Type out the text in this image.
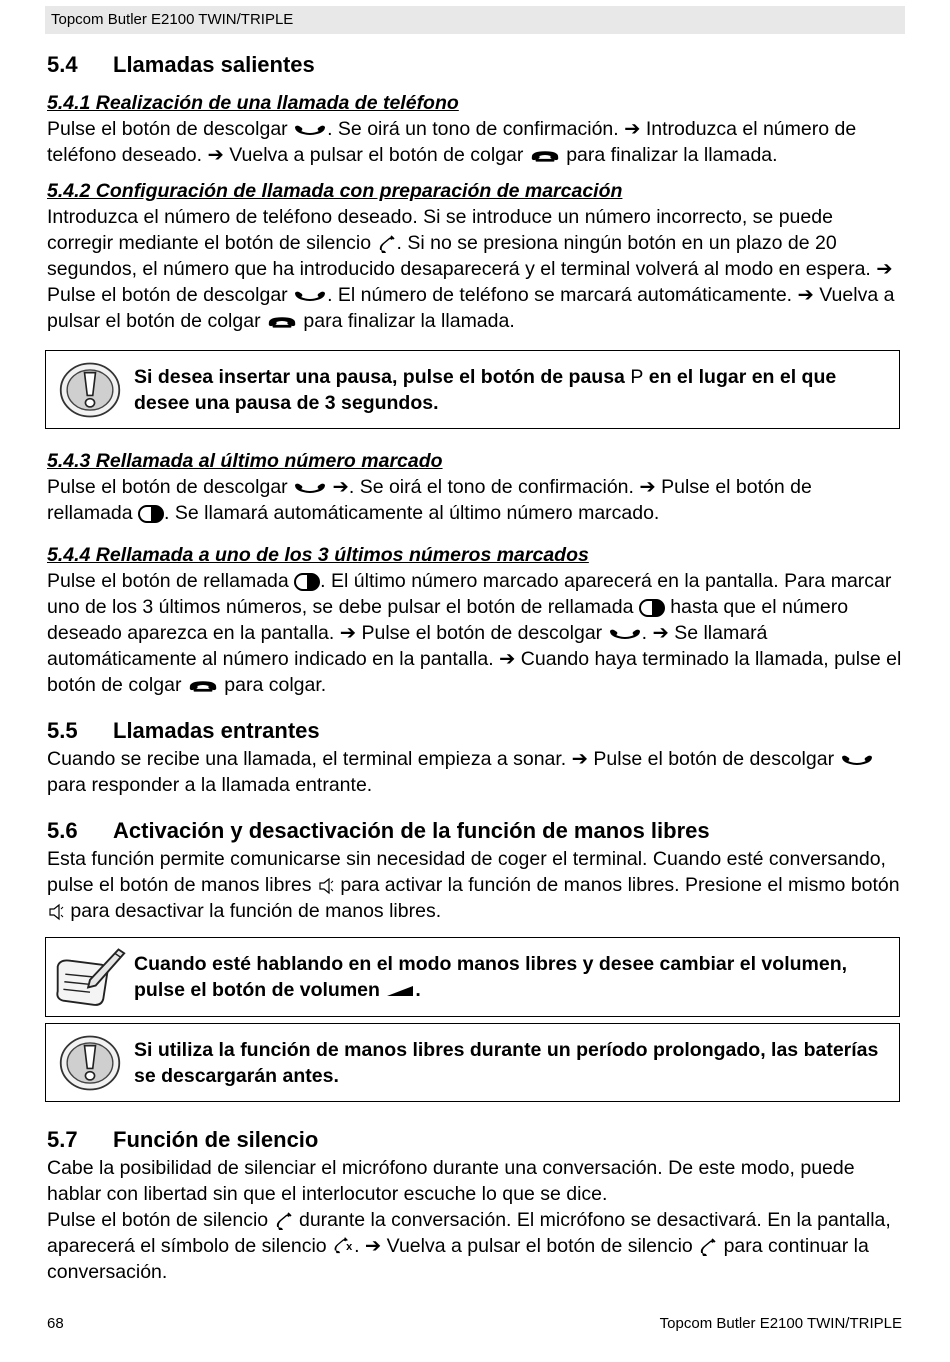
Topcom Butler E2100 TWIN/TRIPLE
5.4 Llamadas salientes
5.4.1 Realización de una llamada de teléfono

Pulse el botón de descolgar . Se oirá un tono de confirmación. ➔ Introduzca el número de teléfono deseado. ➔ Vuelva a pulsar el botón de colgar  para finalizar la llamada.

5.4.2 Configuración de llamada con preparación de marcación

Introduzca el número de teléfono deseado. Si se introduce un número incorrecto, se puede corregir mediante el botón de silencio . Si no se presiona ningún botón en un plazo de 20 segundos, el número que ha introducido desaparecerá y el terminal volverá al modo en espera. ➔ Pulse el botón de descolgar . El número de teléfono se marcará automáticamente. ➔ Vuelva a pulsar el botón de colgar  para finalizar la llamada.

Si desea insertar una pausa, pulse el botón de pausa P en el lugar en el que desee una pausa de 3 segundos.
5.4.3 Rellamada al último número marcado

Pulse el botón de descolgar  ➔. Se oirá el tono de confirmación. ➔ Pulse el botón de rellamada . Se llamará automáticamente al último número marcado.

5.4.4 Rellamada a uno de los 3 últimos números marcados

Pulse el botón de rellamada . El último número marcado aparecerá en la pantalla. Para marcar uno de los 3 últimos números, se debe pulsar el botón de rellamada  hasta que el número deseado aparezca en la pantalla. ➔ Pulse el botón de descolgar . ➔ Se llamará automáticamente al número indicado en la pantalla. ➔ Cuando haya terminado la llamada, pulse el botón de colgar  para colgar.

5.5 Llamadas entrantes

Cuando se recibe una llamada, el terminal empieza a sonar. ➔ Pulse el botón de descolgar  para responder a la llamada entrante.

5.6 Activación y desactivación de la función de manos libres

Esta función permite comunicarse sin necesidad de coger el terminal. Cuando esté conversando, pulse el botón de manos libres  para activar la función de manos libres. Presione el mismo botón  para desactivar la función de manos libres.

Cuando esté hablando en el modo manos libres y desee cambiar el volumen, pulse el botón de volumen .
Si utiliza la función de manos libres durante un período prolongado, las baterías se descargarán antes.
5.7 Función de silencio

Cabe la posibilidad de silenciar el micrófono durante una conversación. De este modo, puede hablar con libertad sin que el interlocutor escuche lo que se dice.

Pulse el botón de silencio  durante la conversación. El micrófono se desactivará. En la pantalla, aparecerá el símbolo de silencio x . ➔ Vuelva a pulsar el botón de silencio  para continuar la conversación.

68	Topcom Butler E2100 TWIN/TRIPLE
